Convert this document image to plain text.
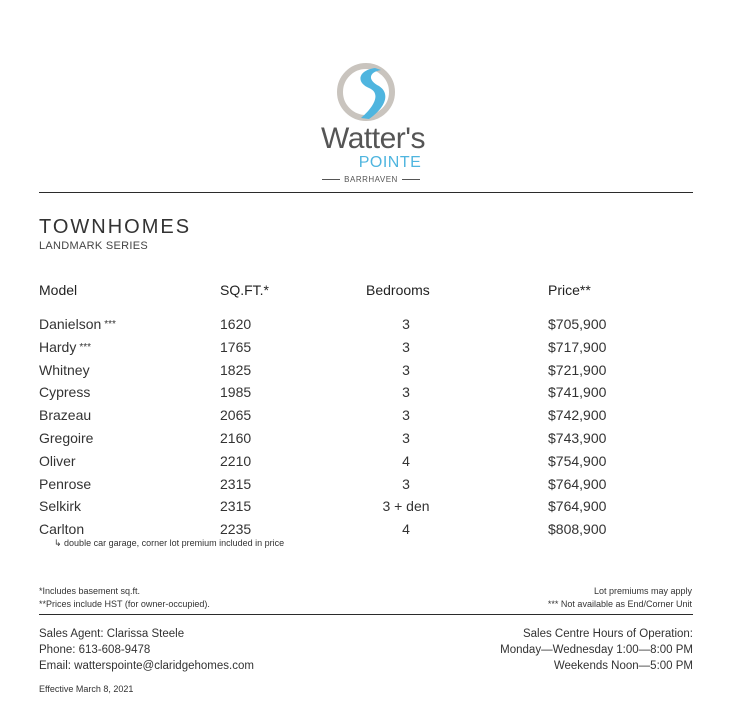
Watter's
POINTE
BARRHAVEN
TOWNHOMES
LANDMARK SERIES
Model	SQ.FT.*	Bedrooms	Price**
Danielson ***	1620	3	$705,900
Hardy ***	1765	3	$717,900
Whitney	1825	3	$721,900
Cypress	1985	3	$741,900
Brazeau	2065	3	$742,900
Gregoire	2160	3	$743,900
Oliver	2210	4	$754,900
Penrose	2315	3	$764,900
Selkirk	2315	3 + den	$764,900
Carlton	2235	4	$808,900
↳ double car garage, corner lot premium included in price
*Includes basement sq.ft.
**Prices include HST (for owner-occupied).
Lot premiums may apply
*** Not available as End/Corner Unit
Sales Agent: Clarissa Steele
Phone: 613-608-9478
Email: watterspointe@claridgehomes.com
Sales Centre Hours of Operation:
Monday—Wednesday 1:00—8:00 PM
Weekends Noon—5:00 PM
Effective March 8, 2021
